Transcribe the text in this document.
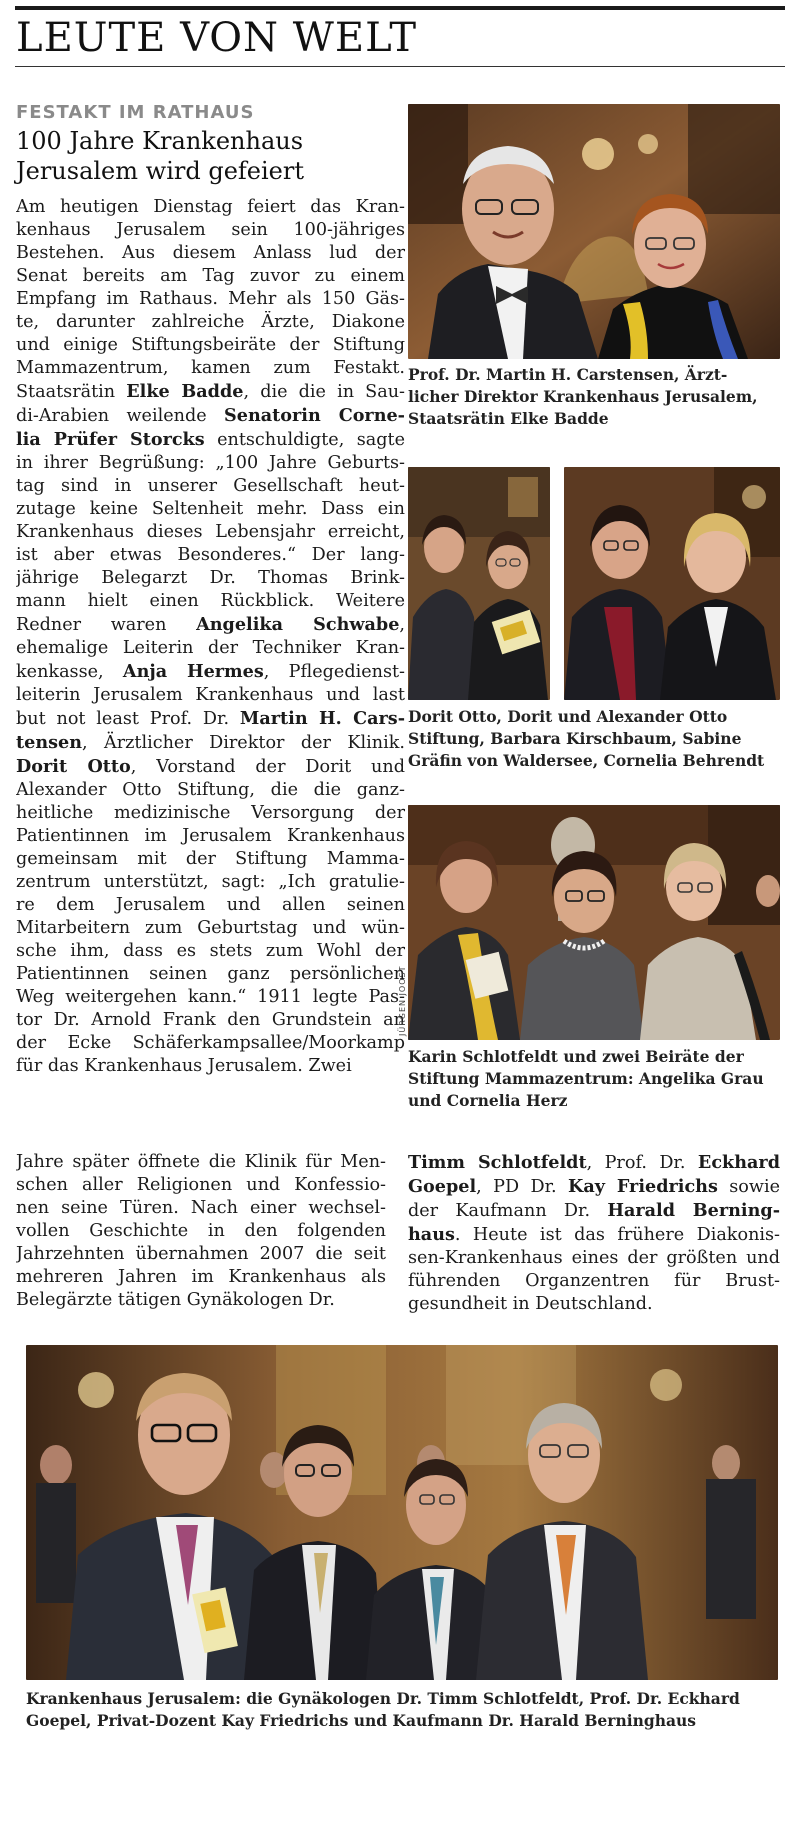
LEUTE VON WELT
FESTAKT IM RATHAUS
100 Jahre Krankenhaus
Jerusalem wird gefeiert
Am heutigen Dienstag feiert das Kran-
kenhaus Jerusalem sein 100-jähriges
Bestehen. Aus diesem Anlass lud der
Senat bereits am Tag zuvor zu einem
Empfang im Rathaus. Mehr als 150 Gäs-
te, darunter zahlreiche Ärzte, Diakone
und einige Stiftungsbeiräte der Stiftung
Mammazentrum, kamen zum Festakt.
Staatsrätin Elke Badde, die die in Sau-
di-Arabien weilende Senatorin Corne-
lia Prüfer Storcks entschuldigte, sagte
in ihrer Begrüßung: „100 Jahre Geburts-
tag sind in unserer Gesellschaft heut-
zutage keine Seltenheit mehr. Dass ein
Krankenhaus dieses Lebensjahr erreicht,
ist aber etwas Besonderes.“ Der lang-
jährige Belegarzt Dr. Thomas Brink-
mann hielt einen Rückblick. Weitere
Redner waren Angelika Schwabe,
ehemalige Leiterin der Techniker Kran-
kenkasse, Anja Hermes, Pflegedienst-
leiterin Jerusalem Krankenhaus und last
but not least Prof. Dr. Martin H. Cars-
tensen, Ärztlicher Direktor der Klinik.
Dorit Otto, Vorstand der Dorit und
Alexander Otto Stiftung, die die ganz-
heitliche medizinische Versorgung der
Patientinnen im Jerusalem Krankenhaus
gemeinsam mit der Stiftung Mamma-
zentrum unterstützt, sagt: „Ich gratulie-
re dem Jerusalem und allen seinen
Mitarbeitern zum Geburtstag und wün-
sche ihm, dass es stets zum Wohl der
Patientinnen seinen ganz persönlichen
Weg weitergehen kann.“ 1911 legte Pas-
tor Dr. Arnold Frank den Grundstein an
der Ecke Schäferkampsallee/Moorkamp
für das Krankenhaus Jerusalem. Zwei
Jahre später öffnete die Klinik für Men-
schen aller Religionen und Konfessio-
nen seine Türen. Nach einer wechsel-
vollen Geschichte in den folgenden
Jahrzehnten übernahmen 2007 die seit
mehreren Jahren im Krankenhaus als
Belegärzte tätigen Gynäkologen Dr.
Timm Schlotfeldt, Prof. Dr. Eckhard
Goepel, PD Dr. Kay Friedrichs sowie
der Kaufmann Dr. Harald Berning-
haus. Heute ist das frühere Diakonis-
sen-Krankenhaus eines der größten und
führenden Organzentren für Brust-
gesundheit in Deutschland.
Prof. Dr. Martin H. Carstensen, Ärzt-
licher Direktor Krankenhaus Jerusalem,
Staatsrätin Elke Badde
Dorit Otto, Dorit und Alexander Otto
Stiftung, Barbara Kirschbaum, Sabine
Gräfin von Waldersee, Cornelia Behrendt
JÜRGEN JOOST
Karin Schlotfeldt und zwei Beiräte der
Stiftung Mammazentrum: Angelika Grau
und Cornelia Herz
Krankenhaus Jerusalem: die Gynäkologen Dr. Timm Schlotfeldt, Prof. Dr. Eckhard
Goepel, Privat-Dozent Kay Friedrichs und Kaufmann Dr. Harald Berninghaus
